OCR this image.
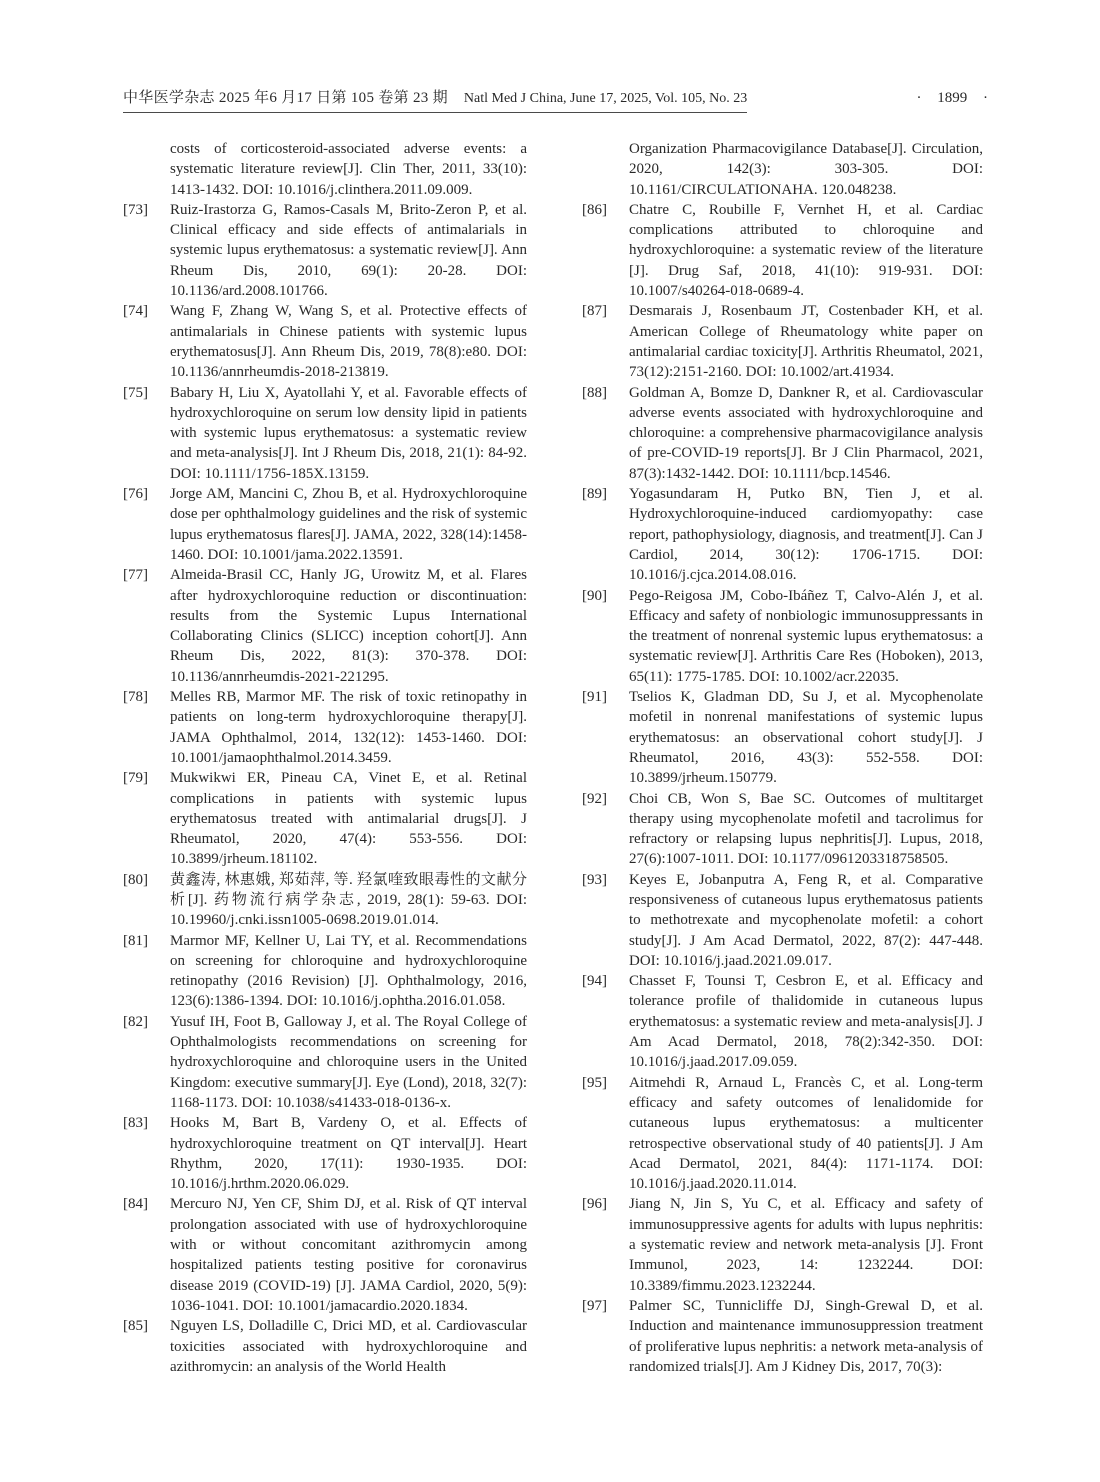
中华医学杂志 2025 年6 月17 日第 105 卷第 23 期 Natl Med J China, June 17, 2025, Vol. 105, No. 23	· 1899 ·
costs of corticosteroid-associated adverse events: a systematic literature review[J]. Clin Ther, 2011, 33(10): 1413-1432. DOI: 10.1016/j.clinthera.2011.09.009.
[73]	Ruiz-Irastorza G, Ramos-Casals M, Brito-Zeron P, et al. Clinical efficacy and side effects of antimalarials in systemic lupus erythematosus: a systematic review[J]. Ann Rheum Dis, 2010, 69(1): 20-28. DOI: 10.1136/ard.2008.101766.
[74]	Wang F, Zhang W, Wang S, et al. Protective effects of antimalarials in Chinese patients with systemic lupus erythematosus[J]. Ann Rheum Dis, 2019, 78(8):e80. DOI: 10.1136/annrheumdis-2018-213819.
[75]	Babary H, Liu X, Ayatollahi Y, et al. Favorable effects of hydroxychloroquine on serum low density lipid in patients with systemic lupus erythematosus: a systematic review and meta-analysis[J]. Int J Rheum Dis, 2018, 21(1): 84-92. DOI: 10.1111/1756-185X.13159.
[76]	Jorge AM, Mancini C, Zhou B, et al. Hydroxychloroquine dose per ophthalmology guidelines and the risk of systemic lupus erythematosus flares[J]. JAMA, 2022, 328(14):1458-1460. DOI: 10.1001/jama.2022.13591.
[77]	Almeida-Brasil CC, Hanly JG, Urowitz M, et al. Flares after hydroxychloroquine reduction or discontinuation: results from the Systemic Lupus International Collaborating Clinics (SLICC) inception cohort[J]. Ann Rheum Dis, 2022, 81(3): 370-378. DOI: 10.1136/annrheumdis-2021-221295.
[78]	Melles RB, Marmor MF. The risk of toxic retinopathy in patients on long-term hydroxychloroquine therapy[J]. JAMA Ophthalmol, 2014, 132(12): 1453-1460. DOI: 10.1001/jamaophthalmol.2014.3459.
[79]	Mukwikwi ER, Pineau CA, Vinet E, et al. Retinal complications in patients with systemic lupus erythematosus treated with antimalarial drugs[J]. J Rheumatol, 2020, 47(4): 553-556. DOI: 10.3899/jrheum.181102.
[80]	黄鑫涛, 林惠娥, 郑茹萍, 等. 羟氯喹致眼毒性的文献分析[J]. 药物流行病学杂志, 2019, 28(1): 59-63. DOI: 10.19960/j.cnki.issn1005-0698.2019.01.014.
[81]	Marmor MF, Kellner U, Lai TY, et al. Recommendations on screening for chloroquine and hydroxychloroquine retinopathy (2016 Revision) [J]. Ophthalmology, 2016, 123(6):1386-1394. DOI: 10.1016/j.ophtha.2016.01.058.
[82]	Yusuf IH, Foot B, Galloway J, et al. The Royal College of Ophthalmologists recommendations on screening for hydroxychloroquine and chloroquine users in the United Kingdom: executive summary[J]. Eye (Lond), 2018, 32(7): 1168-1173. DOI: 10.1038/s41433-018-0136-x.
[83]	Hooks M, Bart B, Vardeny O, et al. Effects of hydroxychloroquine treatment on QT interval[J]. Heart Rhythm, 2020, 17(11): 1930-1935. DOI: 10.1016/j.hrthm.2020.06.029.
[84]	Mercuro NJ, Yen CF, Shim DJ, et al. Risk of QT interval prolongation associated with use of hydroxychloroquine with or without concomitant azithromycin among hospitalized patients testing positive for coronavirus disease 2019 (COVID-19) [J]. JAMA Cardiol, 2020, 5(9): 1036-1041. DOI: 10.1001/jamacardio.2020.1834.
[85]	Nguyen LS, Dolladille C, Drici MD, et al. Cardiovascular toxicities associated with hydroxychloroquine and azithromycin: an analysis of the World Health
Organization Pharmacovigilance Database[J]. Circulation, 2020, 142(3): 303-305. DOI: 10.1161/CIRCULATIONAHA. 120.048238.
[86]	Chatre C, Roubille F, Vernhet H, et al. Cardiac complications attributed to chloroquine and hydroxychloroquine: a systematic review of the literature [J]. Drug Saf, 2018, 41(10): 919-931. DOI: 10.1007/s40264-018-0689-4.
[87]	Desmarais J, Rosenbaum JT, Costenbader KH, et al. American College of Rheumatology white paper on antimalarial cardiac toxicity[J]. Arthritis Rheumatol, 2021, 73(12):2151-2160. DOI: 10.1002/art.41934.
[88]	Goldman A, Bomze D, Dankner R, et al. Cardiovascular adverse events associated with hydroxychloroquine and chloroquine: a comprehensive pharmacovigilance analysis of pre-COVID-19 reports[J]. Br J Clin Pharmacol, 2021, 87(3):1432-1442. DOI: 10.1111/bcp.14546.
[89]	Yogasundaram H, Putko BN, Tien J, et al. Hydroxychloroquine-induced cardiomyopathy: case report, pathophysiology, diagnosis, and treatment[J]. Can J Cardiol, 2014, 30(12): 1706-1715. DOI: 10.1016/j.cjca.2014.08.016.
[90]	Pego-Reigosa JM, Cobo-Ibáñez T, Calvo-Alén J, et al. Efficacy and safety of nonbiologic immunosuppressants in the treatment of nonrenal systemic lupus erythematosus: a systematic review[J]. Arthritis Care Res (Hoboken), 2013, 65(11): 1775-1785. DOI: 10.1002/acr.22035.
[91]	Tselios K, Gladman DD, Su J, et al. Mycophenolate mofetil in nonrenal manifestations of systemic lupus erythematosus: an observational cohort study[J]. J Rheumatol, 2016, 43(3): 552-558. DOI: 10.3899/jrheum.150779.
[92]	Choi CB, Won S, Bae SC. Outcomes of multitarget therapy using mycophenolate mofetil and tacrolimus for refractory or relapsing lupus nephritis[J]. Lupus, 2018, 27(6):1007-1011. DOI: 10.1177/0961203318758505.
[93]	Keyes E, Jobanputra A, Feng R, et al. Comparative responsiveness of cutaneous lupus erythematosus patients to methotrexate and mycophenolate mofetil: a cohort study[J]. J Am Acad Dermatol, 2022, 87(2): 447-448. DOI: 10.1016/j.jaad.2021.09.017.
[94]	Chasset F, Tounsi T, Cesbron E, et al. Efficacy and tolerance profile of thalidomide in cutaneous lupus erythematosus: a systematic review and meta-analysis[J]. J Am Acad Dermatol, 2018, 78(2):342-350. DOI: 10.1016/j.jaad.2017.09.059.
[95]	Aitmehdi R, Arnaud L, Francès C, et al. Long-term efficacy and safety outcomes of lenalidomide for cutaneous lupus erythematosus: a multicenter retrospective observational study of 40 patients[J]. J Am Acad Dermatol, 2021, 84(4): 1171-1174. DOI: 10.1016/j.jaad.2020.11.014.
[96]	Jiang N, Jin S, Yu C, et al. Efficacy and safety of immunosuppressive agents for adults with lupus nephritis: a systematic review and network meta-analysis [J]. Front Immunol, 2023, 14: 1232244. DOI: 10.3389/fimmu.2023.1232244.
[97]	Palmer SC, Tunnicliffe DJ, Singh-Grewal D, et al. Induction and maintenance immunosuppression treatment of proliferative lupus nephritis: a network meta-analysis of randomized trials[J]. Am J Kidney Dis, 2017, 70(3):
